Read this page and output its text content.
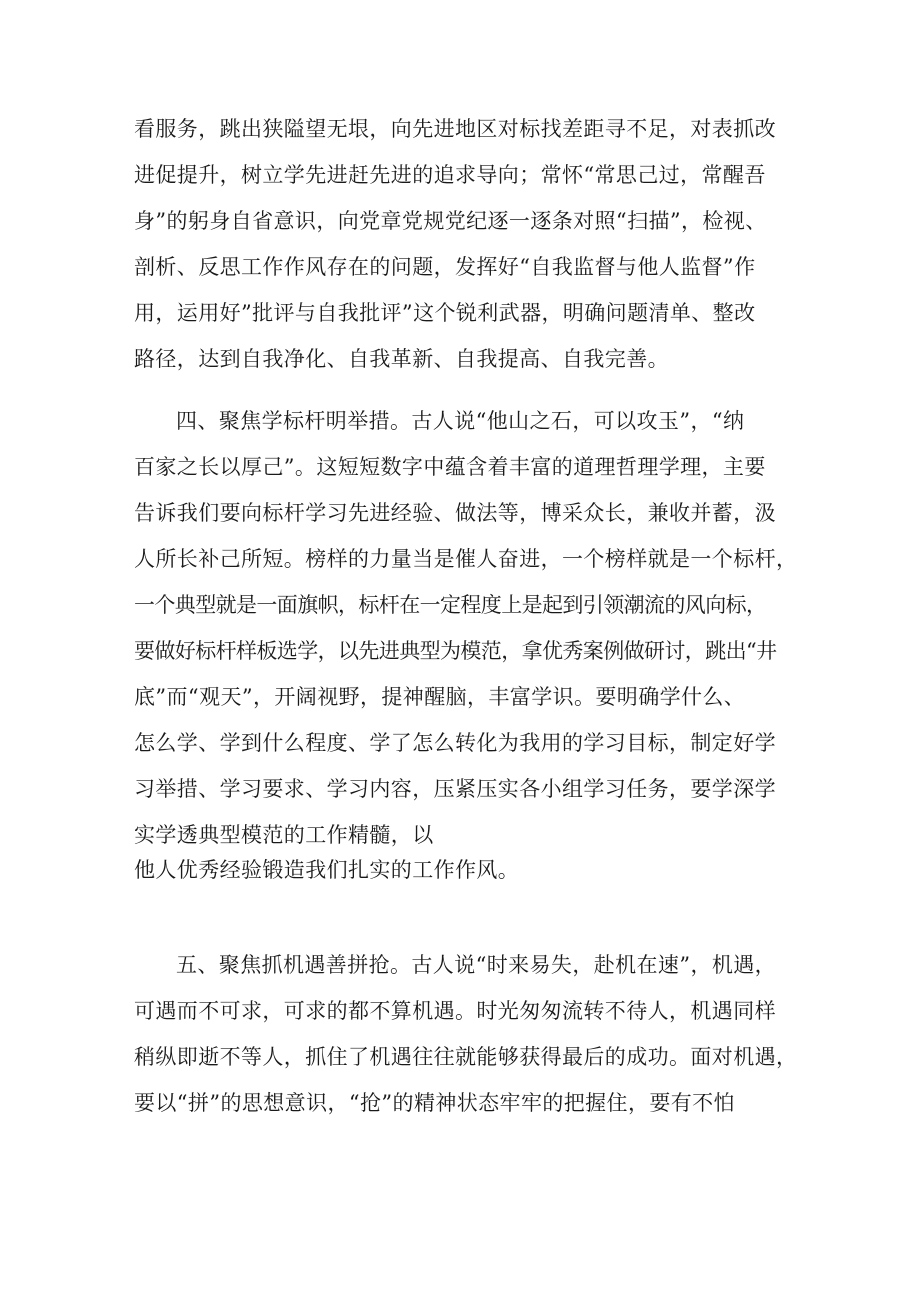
看服务，跳出狭隘望无垠，向先进地区对标找差距寻不足，对表抓改
进促提升，树立学先进赶先进的追求导向；常怀“常思己过，常醒吾
身”的躬身自省意识，向党章党规党纪逐一逐条对照“扫描”，检视、
剖析、反思工作作风存在的问题，发挥好“自我监督与他人监督”作
用，运用好”批评与自我批评”这个锐利武器，明确问题清单、整改
路径，达到自我净化、自我革新、自我提高、自我完善。
四、聚焦学标杆明举措。古人说“他山之石，可以攻玉”，“纳
百家之长以厚己”。这短短数字中蕴含着丰富的道理哲理学理，主要
告诉我们要向标杆学习先进经验、做法等，博采众长，兼收并蓄，汲
人所长补己所短。榜样的力量当是催人奋进，一个榜样就是一个标杆，
一个典型就是一面旗帜，标杆在一定程度上是起到引领潮流的风向标，
要做好标杆样板选学，以先进典型为模范，拿优秀案例做研讨，跳出“井
底”而“观天”，开阔视野，提神醒脑，丰富学识。要明确学什么、
怎么学、学到什么程度、学了怎么转化为我用的学习目标，制定好学
习举措、学习要求、学习内容，压紧压实各小组学习任务，要学深学
实学透典型模范的工作精髓，以
他人优秀经验锻造我们扎实的工作作风。
五、聚焦抓机遇善拼抢。古人说“时来易失，赴机在速”，机遇，
可遇而不可求，可求的都不算机遇。时光匆匆流转不待人，机遇同样
稍纵即逝不等人，抓住了机遇往往就能够获得最后的成功。面对机遇，
要以“拼”的思想意识，“抢”的精神状态牢牢的把握住，要有不怕
